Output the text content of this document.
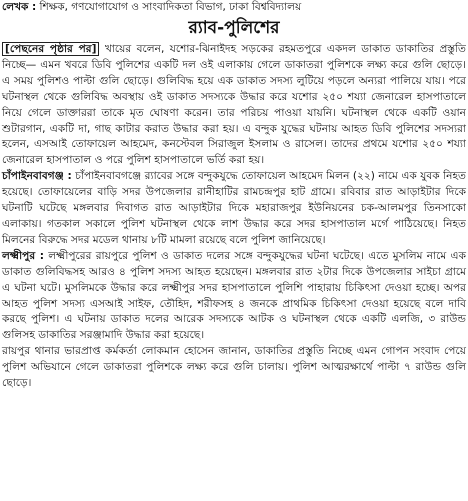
লেখক : শিক্ষক, গণযোগাযোগ ও সাংবাদিকতা বিভাগ, ঢাকা বিশ্ববিদ্যালয়
র‌্যাব-পুলিশের

[পেছনের পৃষ্ঠার পর] খায়ের বলেন, যশোর-ঝিনাইদহ সড়কের রহমতপুরে একদল ডাকাত ডাকাতির প্রস্তুতি নিচ্ছে— এমন খবরে ডিবি পুলিশের একটি দল ওই এলাকায় গেলে ডাকাতরা পুলিশকে লক্ষ্য করে গুলি ছোড়ে। এ সময় পুলিশও পাল্টা গুলি ছোড়ে। গুলিবিদ্ধ হয়ে এক ডাকাত সদস্য লুটিয়ে পড়লে অন্যরা পালিয়ে যায়। পরে ঘটনাস্থল থেকে গুলিবিদ্ধ অবস্থায় ওই ডাকাত সদস্যকে উদ্ধার করে যশোর ২৫০ শয্যা জেনারেল হাসপাতালে নিয়ে গেলে ডাক্তাররা তাকে মৃত ঘোষণা করেন। তার পরিচয় পাওয়া যায়নি। ঘটনাস্থল থেকে একটি ওয়ান শুটারগান, একটি দা, গাছ কাটার করাত উদ্ধার করা হয়। এ বন্দুক যুদ্ধের ঘটনায় আহত ডিবি পুলিশের সদস্যরা হলেন, এসআই তোফায়েল আহমেদ, কনস্টেবল সিরাজুল ইসলাম ও রাসেল। তাদের প্রথমে যশোর ২৫০ শয্যা জেনারেল হাসপাতাল ও পরে পুলিশ হাসপাতালে ভর্তি করা হয়।

চাঁপাইনবাবগঞ্জ : চাঁপাইনবাবগঞ্জে র‌্যাবের সঙ্গে বন্দুকযুদ্ধে তোফায়েল আহমেদ মিলন (২২) নামে এক যুবক নিহত হয়েছে। তোফায়েলের বাড়ি সদর উপজেলার রানীহাটির রামচন্দ্রপুর হাট গ্রামে। রবিবার রাত আড়াইটার দিকে ঘটনাটি ঘটেছে মঙ্গলবার দিবাগত রাত আড়াইটার দিকে মহারাজপুর ইউনিয়নের চক-আলমপুর তিনসাকো এলাকায়। গতকাল সকালে পুলিশ ঘটনাস্থল থেকে লাশ উদ্ধার করে সদর হাসপাতাল মর্গে পাঠিয়েছে। নিহত মিলনের বিরুদ্ধে সদর মডেল থানায় ৮টি মামলা রয়েছে বলে পুলিশ জানিয়েছে।

লক্ষ্মীপুর : লক্ষ্মীপুরের রায়পুরে পুলিশ ও ডাকাত দলের সঙ্গে বন্দুকযুদ্ধের ঘটনা ঘটেছে। এতে মুসলিম নামে এক ডাকাত গুলিবিদ্ধসহ আরও ৪ পুলিশ সদস্য আহত হয়েছেন। মঙ্গলবার রাত ২টার দিকে উপজেলার সাইচা গ্রামে এ ঘটনা ঘটে। মুসলিমকে উদ্ধার করে লক্ষ্মীপুর সদর হাসপাতালে পুলিশি পাহারায় চিকিৎসা দেওয়া হচ্ছে। অপর আহত পুলিশ সদস্য এসআই সাইফ, তৌহিদ, শরীফসহ ৪ জনকে প্রাথমিক চিকিৎসা দেওয়া হয়েছে বলে দাবি করছে পুলিশ। এ ঘটনায় ডাকাত দলের আরেক সদস্যকে আটক ও ঘটনাস্থল থেকে একটি এলজি, ৩ রাউন্ড গুলিসহ ডাকাতির সরঞ্জামাদি উদ্ধার করা হয়েছে।

রায়পুর থানার ভারপ্রাপ্ত কর্মকর্তা লোকমান হোসেন জানান, ডাকাতির প্রস্তুতি নিচ্ছে এমন গোপন সংবাদ পেয়ে পুলিশ অভিযানে গেলে ডাকাতরা পুলিশকে লক্ষ্য করে গুলি চালায়। পুলিশ আত্মরক্ষার্থে পাল্টা ৭ রাউন্ড গুলি ছোড়ে।
